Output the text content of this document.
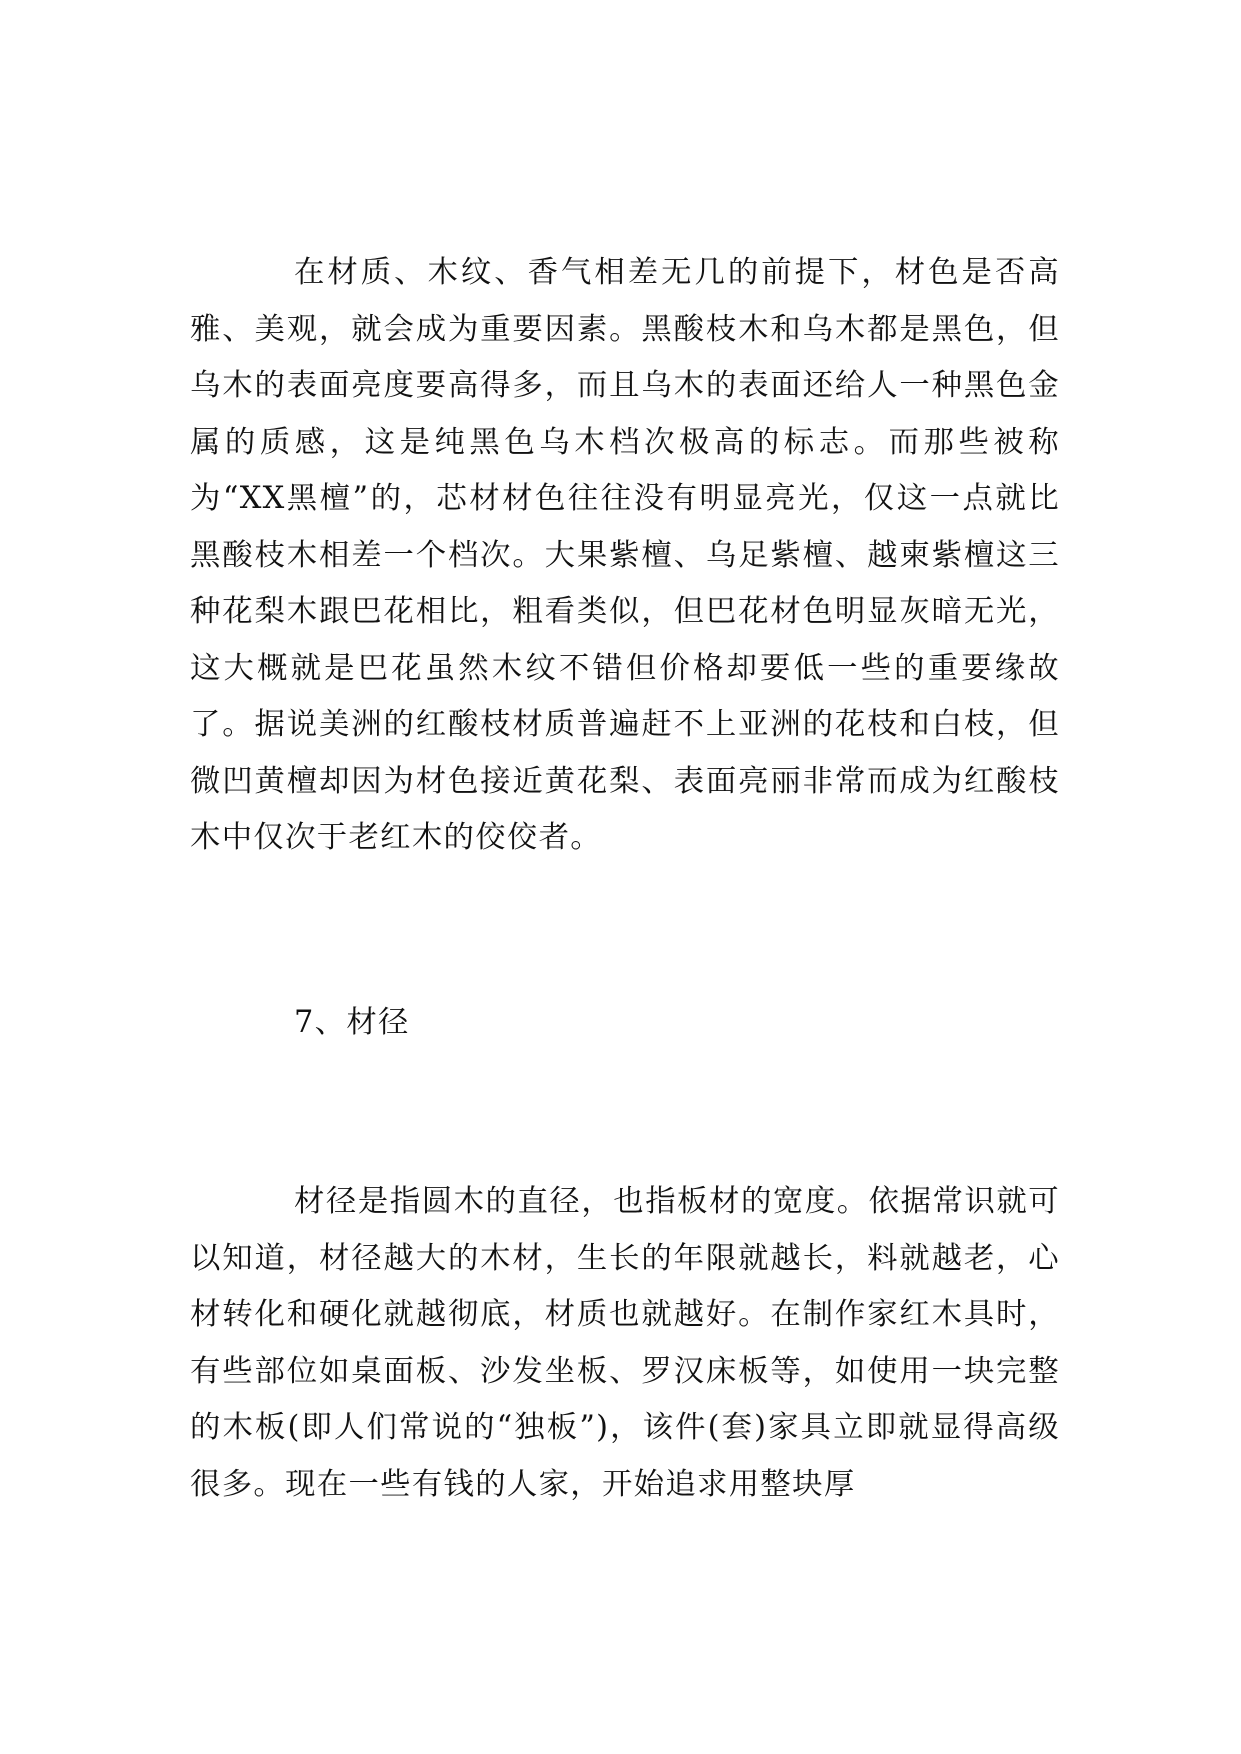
在材质、木纹、香气相差无几的前提下，材色是否高雅、美观，就会成为重要因素。黑酸枝木和乌木都是黑色，但乌木的表面亮度要高得多，而且乌木的表面还给人一种黑色金属的质感，这是纯黑色乌木档次极高的标志。而那些被称为“XX黑檀”的，芯材材色往往没有明显亮光，仅这一点就比黑酸枝木相差一个档次。大果紫檀、乌足紫檀、越柬紫檀这三种花梨木跟巴花相比，粗看类似，但巴花材色明显灰暗无光，这大概就是巴花虽然木纹不错但价格却要低一些的重要缘故了。据说美洲的红酸枝材质普遍赶不上亚洲的花枝和白枝，但微凹黄檀却因为材色接近黄花梨、表面亮丽非常而成为红酸枝木中仅次于老红木的佼佼者。

7、材径

材径是指圆木的直径，也指板材的宽度。依据常识就可以知道，材径越大的木材，生长的年限就越长，料就越老，心材转化和硬化就越彻底，材质也就越好。在制作家红木具时，有些部位如桌面板、沙发坐板、罗汉床板等，如使用一块完整的木板(即人们常说的“独板”)，该件(套)家具立即就显得高级很多。现在一些有钱的人家，开始追求用整块厚
